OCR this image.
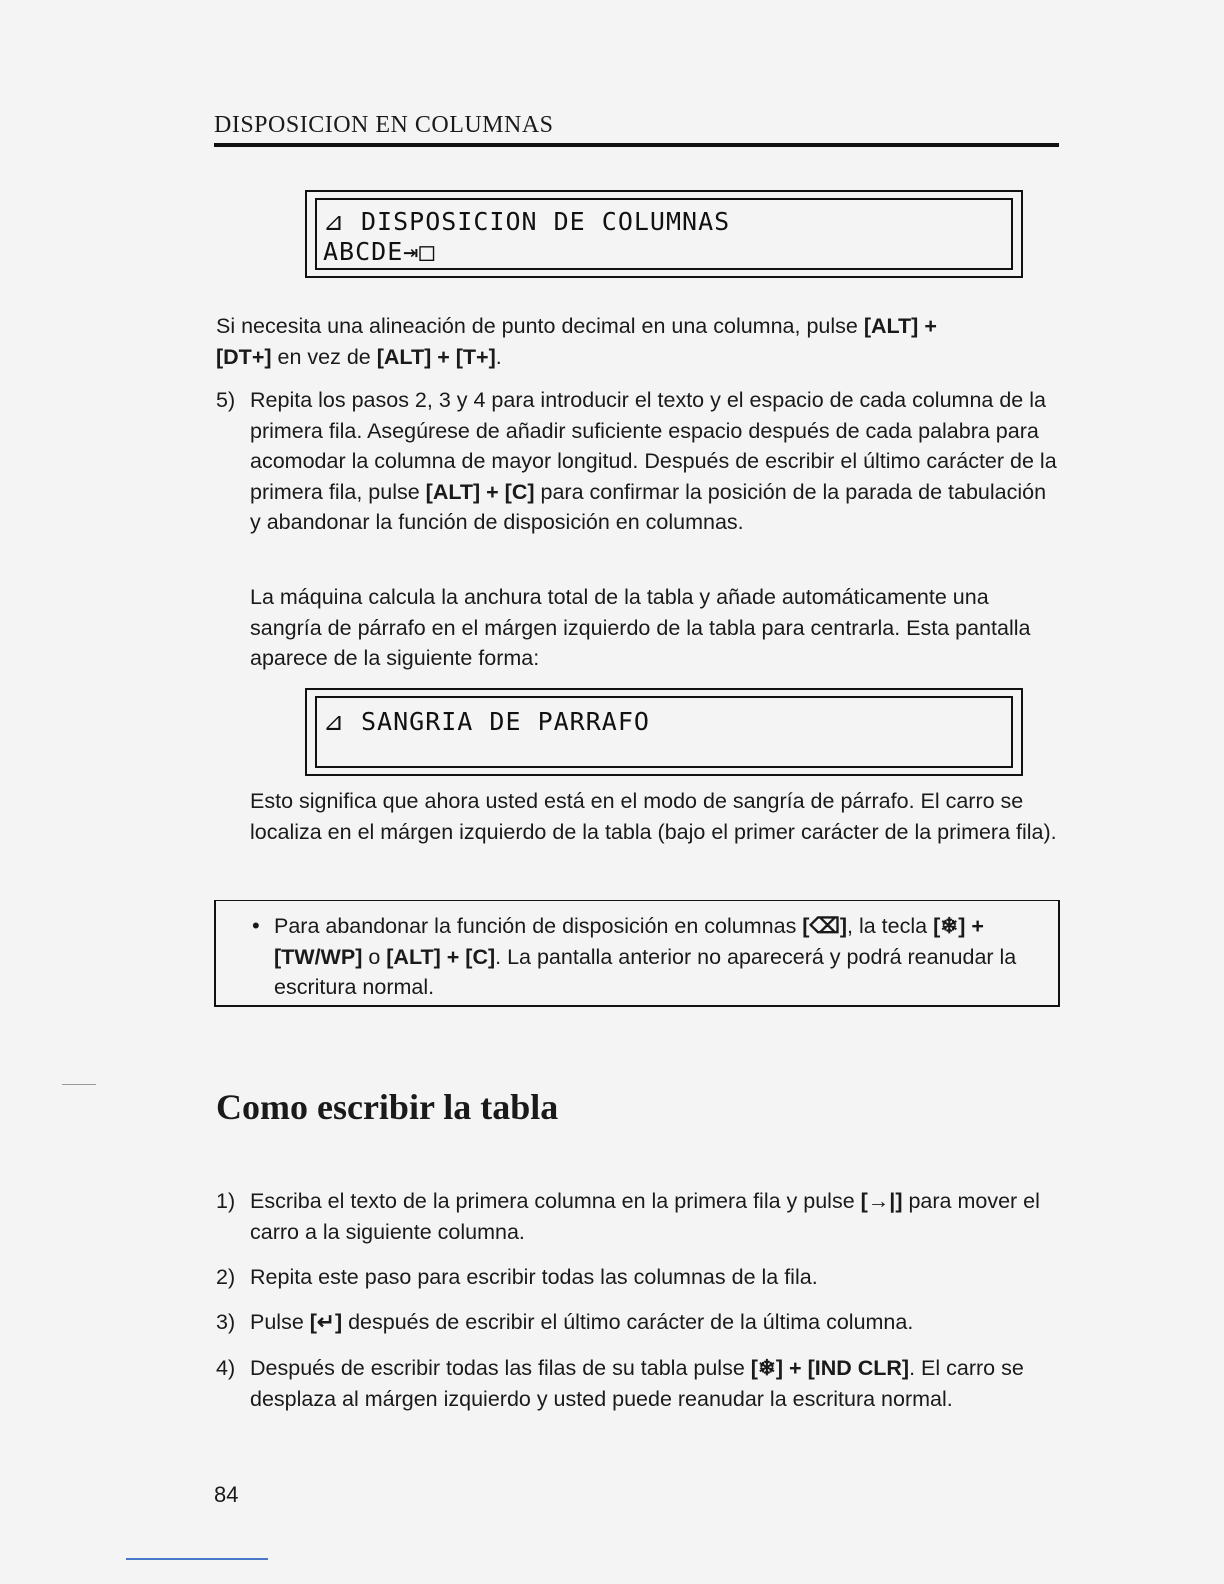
DISPOSICION EN COLUMNAS
⊿ DISPOSICION DE COLUMNAS
ABCDE⇥□

Si necesita una alineación de punto decimal en una columna, pulse [ALT] +
[DT+] en vez de [ALT] + [T+].

5) Repita los pasos 2, 3 y 4 para introducir el texto y el espacio de cada columna de la primera fila. Asegúrese de añadir suficiente espacio después de cada palabra para acomodar la columna de mayor longitud. Después de escribir el último carácter de la primera fila, pulse [ALT] + [C] para confirmar la posición de la parada de tabulación y abandonar la función de disposición en columnas.

La máquina calcula la anchura total de la tabla y añade automáticamente una sangría de párrafo en el márgen izquierdo de la tabla para centrarla. Esta pantalla aparece de la siguiente forma:

⊿ SANGRIA DE PARRAFO

Esto significa que ahora usted está en el modo de sangría de párrafo. El carro se localiza en el márgen izquierdo de la tabla (bajo el primer carácter de la primera fila).

• Para abandonar la función de disposición en columnas [⌫], la tecla [❄] + [TW/WP] o [ALT] + [C]. La pantalla anterior no aparecerá y podrá reanudar la escritura normal.

Como escribir la tabla
1) Escriba el texto de la primera columna en la primera fila y pulse [→|] para mover el carro a la siguiente columna.

2) Repita este paso para escribir todas las columnas de la fila.

3) Pulse [↵] después de escribir el último carácter de la última columna.

4) Después de escribir todas las filas de su tabla pulse [❄] + [IND CLR]. El carro se desplaza al márgen izquierdo y usted puede reanudar la escritura normal.

84
